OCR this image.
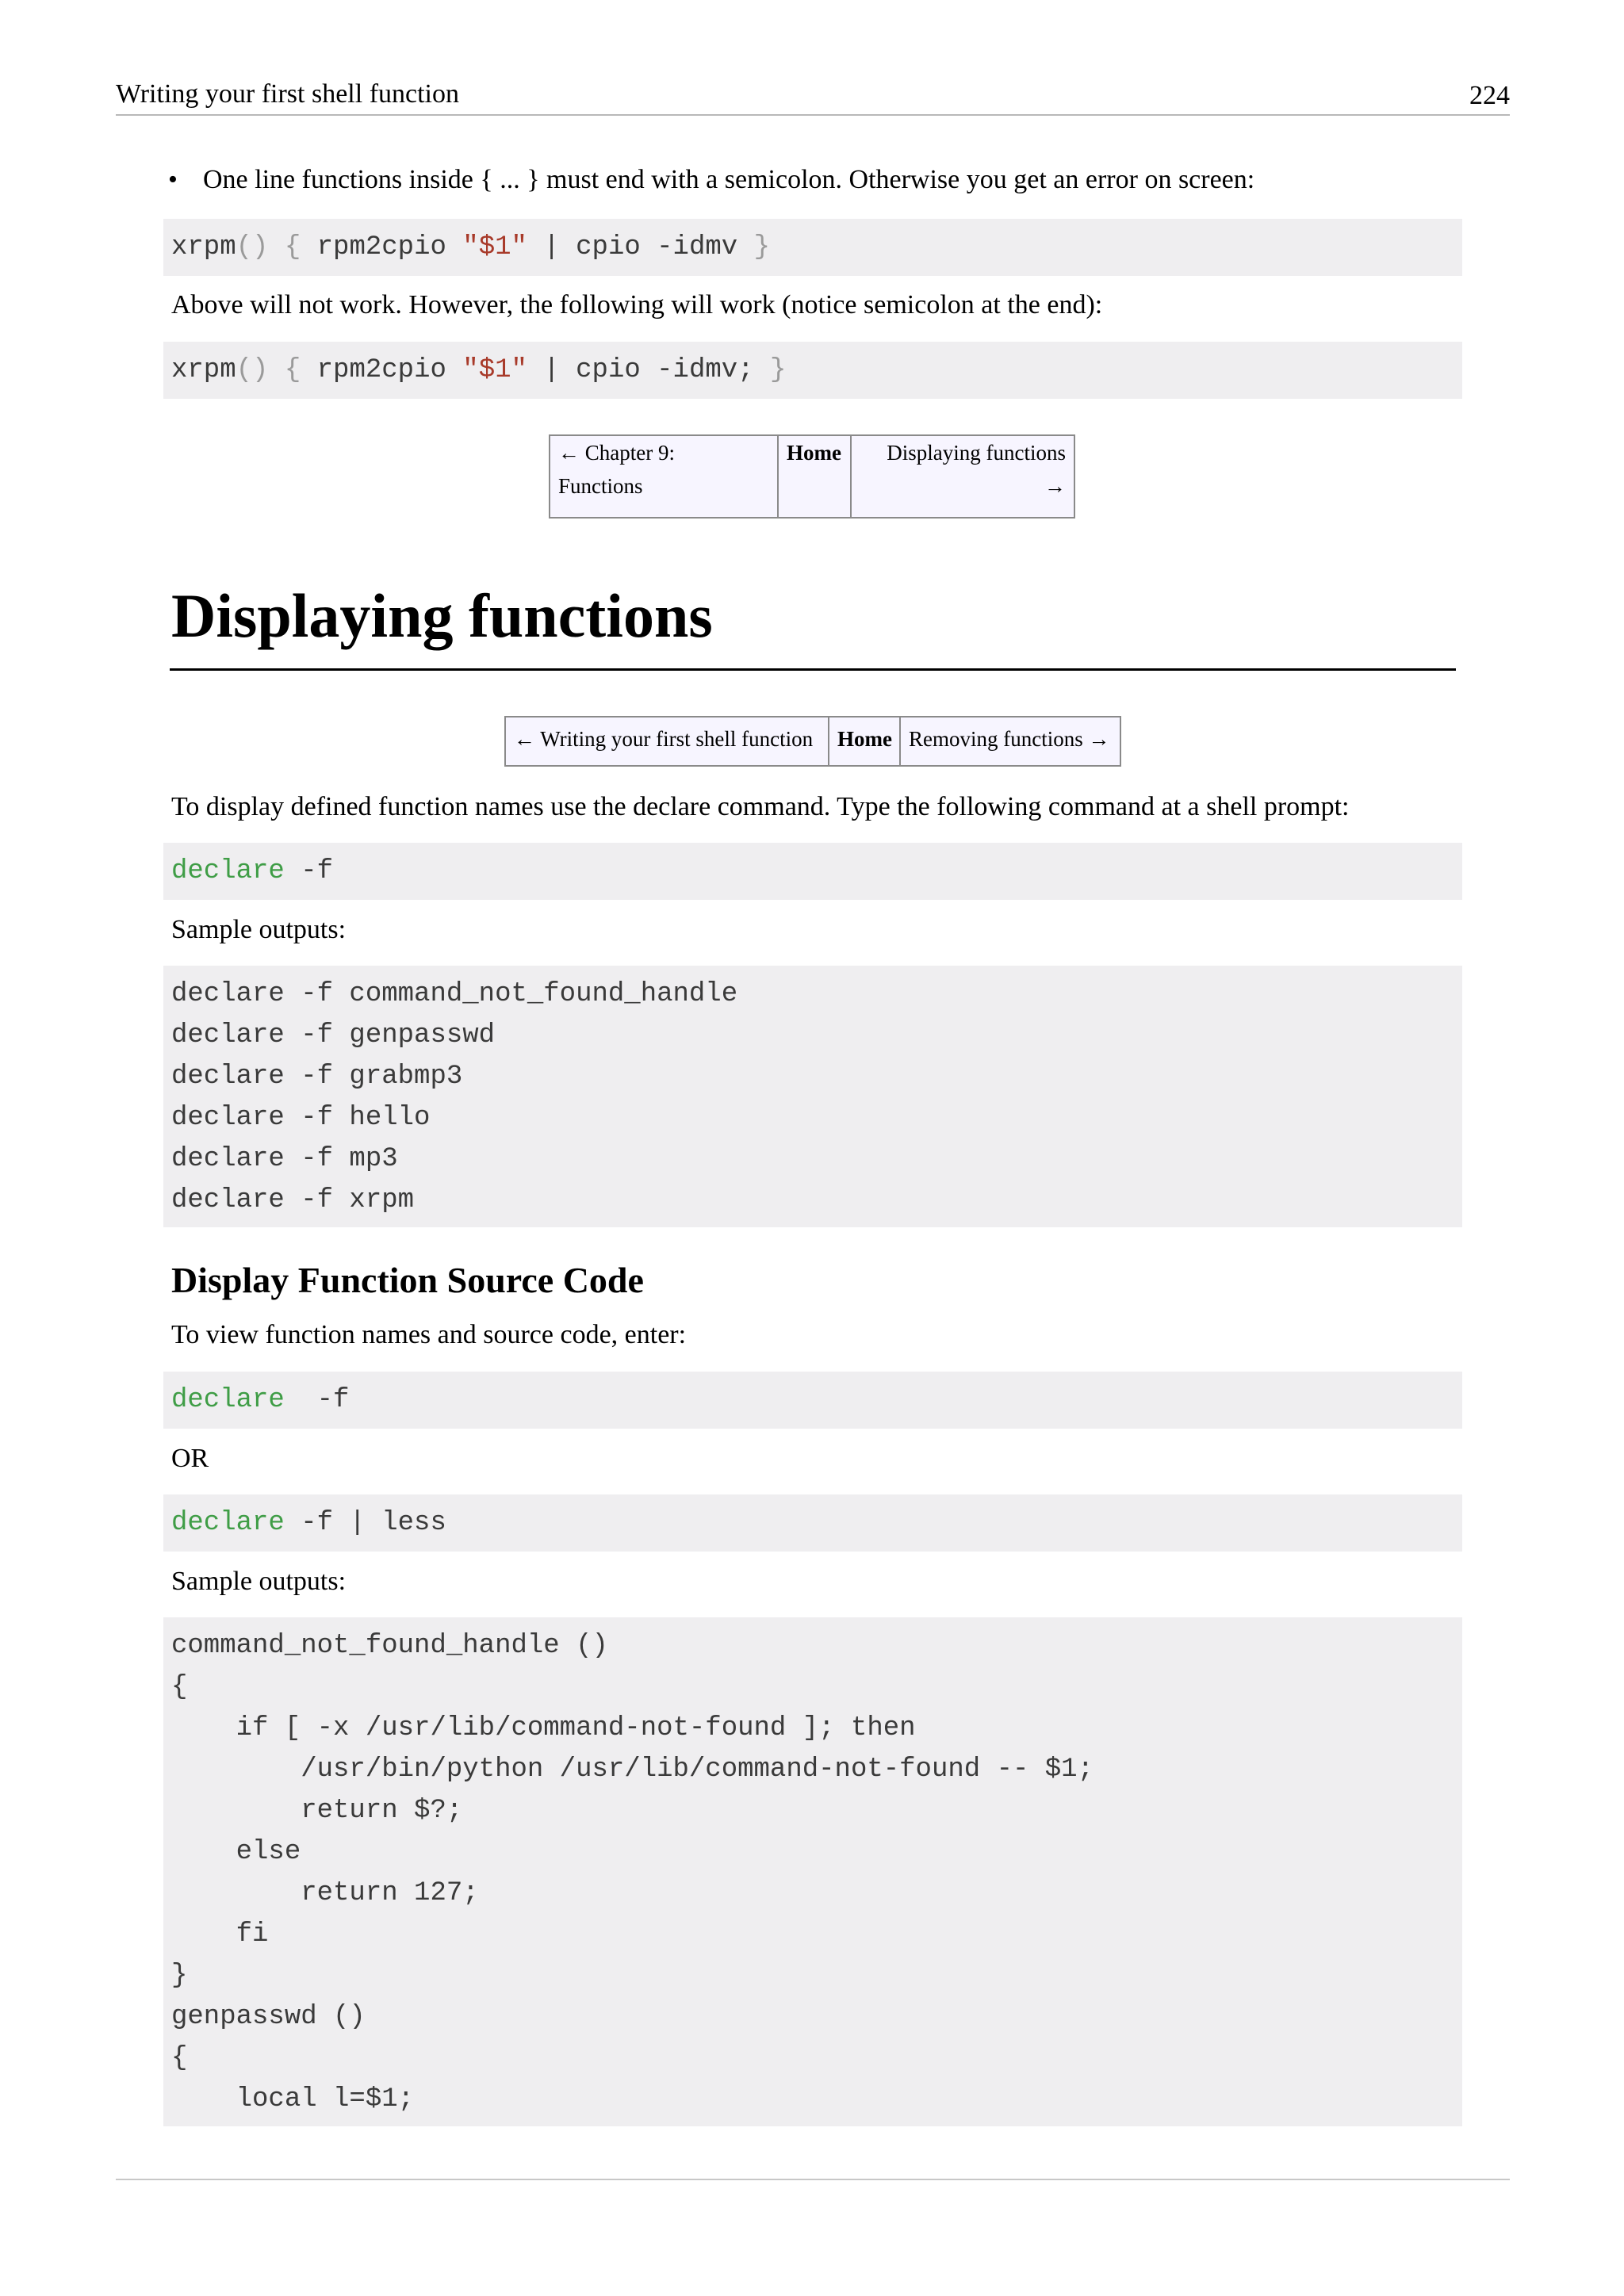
Writing your first shell function	224
• One line functions inside { ... } must end with a semicolon. Otherwise you get an error on screen:

xrpm() { rpm2cpio "$1" | cpio -idmv }

Above will not work. However, the following will work (notice semicolon at the end):

xrpm() { rpm2cpio "$1" | cpio -idmv; }

← Chapter 9:
Functions
Home Displaying functions
→
Displaying functions
← Writing your first shell function Home Removing functions →
To display defined function names use the declare command. Type the following command at a shell prompt:

declare -f

Sample outputs:

declare -f command_not_found_handle

declare -f genpasswd

declare -f grabmp3

declare -f hello

declare -f mp3

declare -f xrpm

Display Function Source Code
To view function names and source code, enter:

declare  -f

OR

declare -f | less

Sample outputs:

command_not_found_handle ()

{

if [ -x /usr/lib/command-not-found ]; then

/usr/bin/python /usr/lib/command-not-found -- $1;

return $?;

else

return 127;

fi

}

genpasswd ()

{

local l=$1;
